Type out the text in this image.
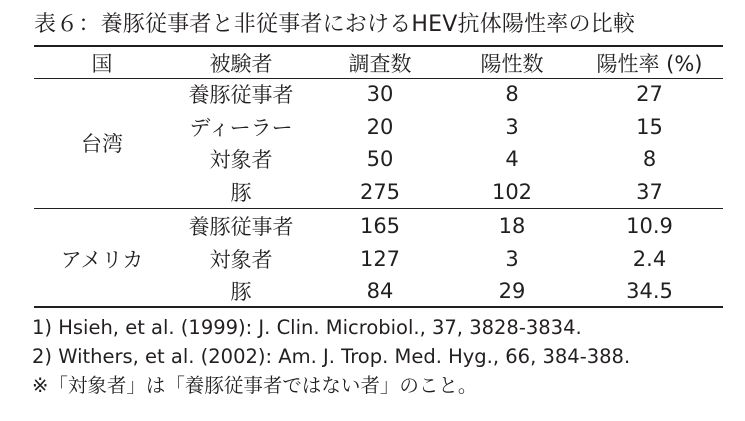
表６：養豚従事者と非従事者におけるHEV抗体陽性率の比較
国	被験者	調査数	陽性数	陽性率 (%)
台湾	養豚従事者	30	8	27
	ディーラー	20	3	15
	対象者	50	4	8
	豚	275	102	37

アメリカ	養豚従事者	165	18	10.9
	対象者	127	3	2.4
	豚	84	29	34.5
1) Hsieh, et al. (1999): J. Clin. Microbiol., 37, 3828-3834.
2) Withers, et al. (2002): Am. J. Trop. Med. Hyg., 66, 384-388.
※「対象者」は「養豚従事者ではない者」のこと。
